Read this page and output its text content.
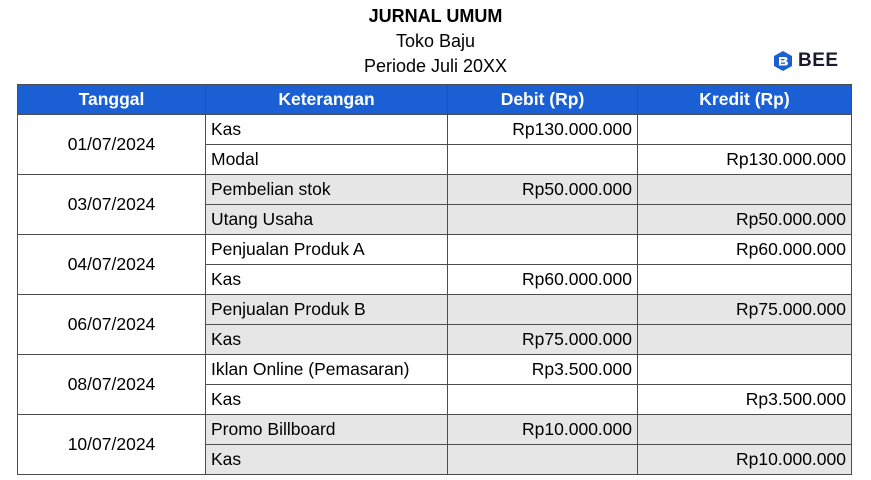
JURNAL UMUM
Toko Baju
Periode Juli 20XX	BEE
Tanggal	Keterangan	Debit (Rp)	Kredit (Rp)
01/07/2024	Kas	Rp130.000.000	
	Modal		Rp130.000.000
03/07/2024	Pembelian stok	Rp50.000.000	
	Utang Usaha		Rp50.000.000
04/07/2024	Penjualan Produk A		Rp60.000.000
	Kas	Rp60.000.000	
06/07/2024	Penjualan Produk B		Rp75.000.000
	Kas	Rp75.000.000	
08/07/2024	Iklan Online (Pemasaran)	Rp3.500.000	
	Kas		Rp3.500.000
10/07/2024	Promo Billboard	Rp10.000.000	
	Kas		Rp10.000.000
